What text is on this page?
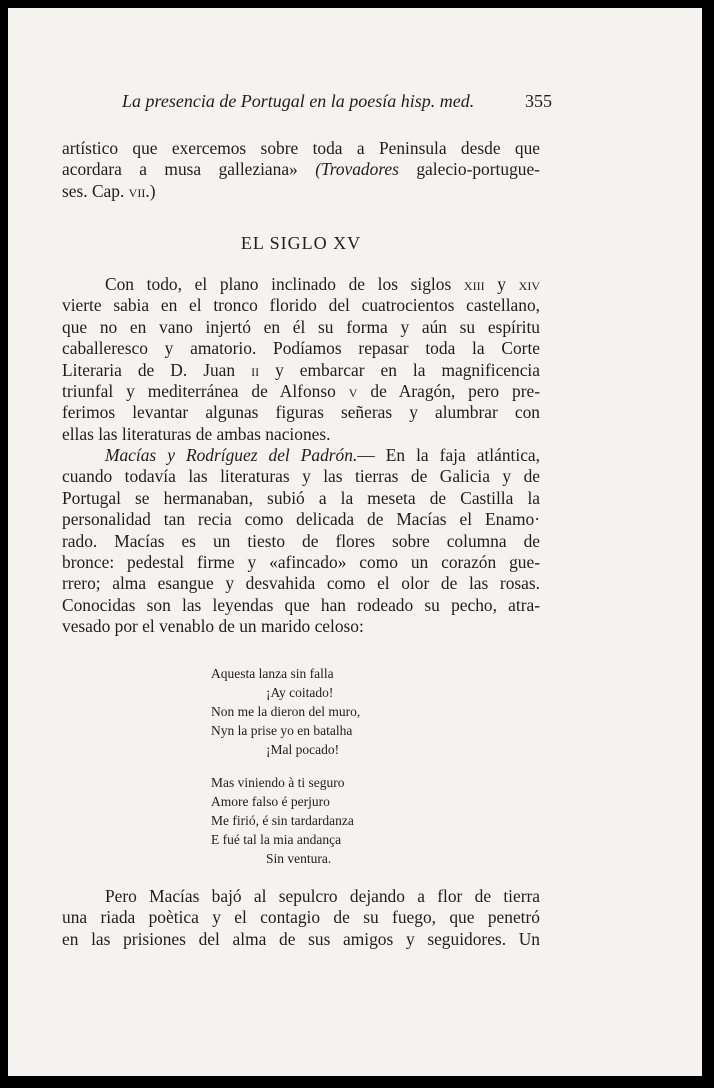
La presencia de Portugal en la poesía hisp. med.	355
artístico que exercemos sobre toda a Peninsula desde que
acordara a musa galleziana» (Trovadores galecio-portugue-
ses. Cap. vii.)
EL SIGLO XV
Con todo, el plano inclinado de los siglos xiii y xiv
vierte sabia en el tronco florido del cuatrocientos castellano,
que no en vano injertó en él su forma y aún su espíritu
caballeresco y amatorio. Podíamos repasar toda la Corte
Literaria de D. Juan ii y embarcar en la magnificencia
triunfal y mediterránea de Alfonso v de Aragón, pero pre-
ferimos levantar algunas figuras señeras y alumbrar con
ellas las literaturas de ambas naciones.
Macías y Rodríguez del Padrón.— En la faja atlántica,
cuando todavía las literaturas y las tierras de Galicia y de
Portugal se hermanaban, subió a la meseta de Castilla la
personalidad tan recia como delicada de Macías el Enamo·
rado. Macías es un tiesto de flores sobre columna de
bronce: pedestal firme y «afincado» como un corazón gue-
rrero; alma esangue y desvahida como el olor de las rosas.
Conocidas son las leyendas que han rodeado su pecho, atra-
vesado por el venablo de un marido celoso:
Aquesta lanza sin falla
¡Ay coitado!
Non me la dieron del muro,
Nyn la prise yo en batalha
¡Mal pocado!
Mas viniendo à ti seguro
Amore falso é perjuro
Me firió, é sin tardardanza
E fué tal la mia andança
Sin ventura.
Pero Macías bajó al sepulcro dejando a flor de tierra
una riada poètica y el contagio de su fuego, que penetró
en las prisiones del alma de sus amigos y seguidores. Un
